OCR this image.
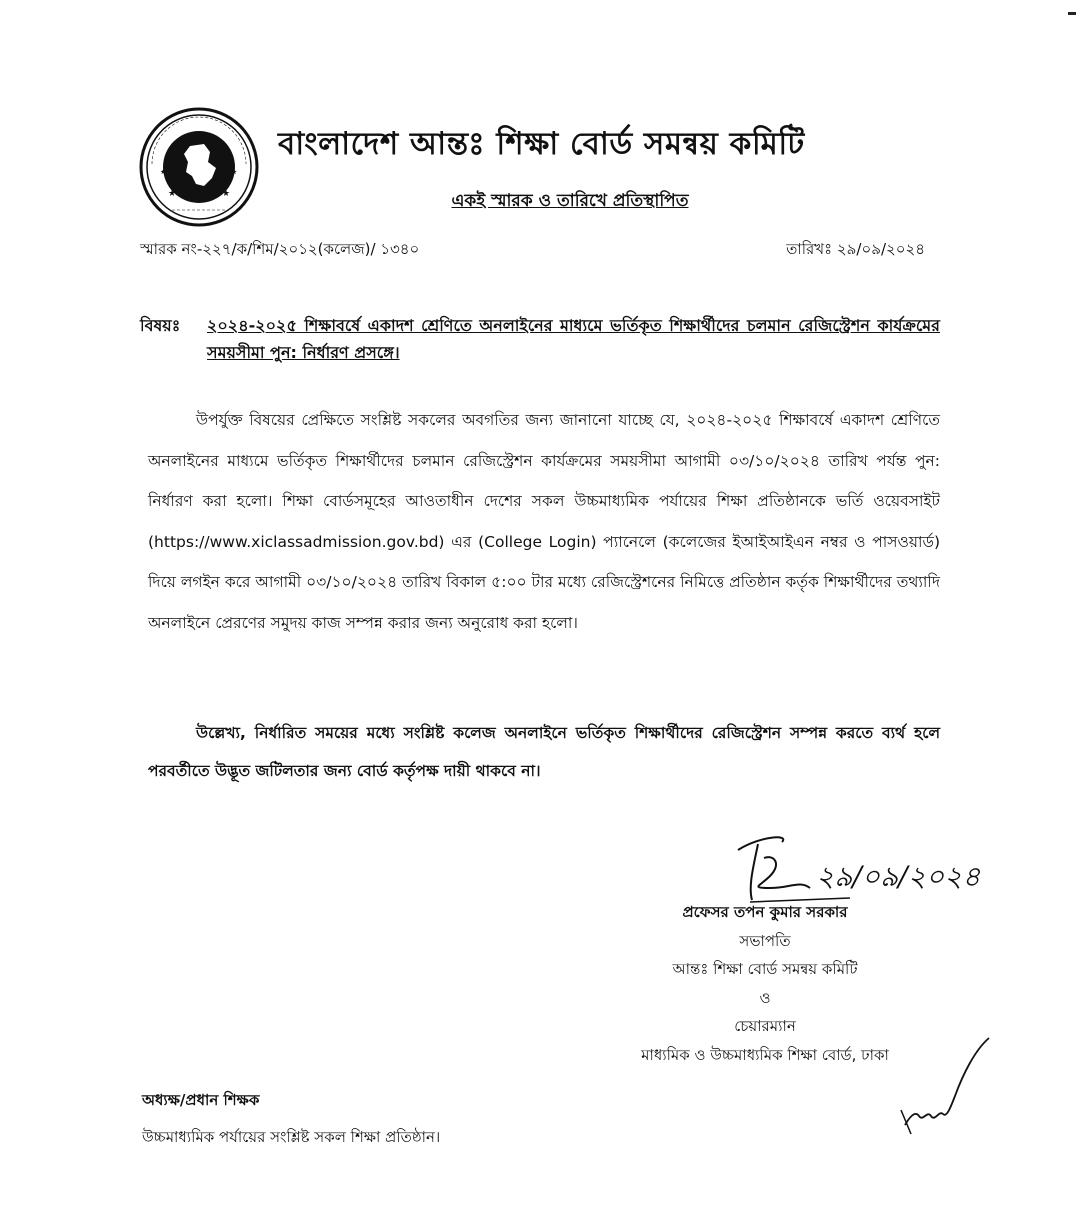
★	★
★	★
বাংলাদেশ আন্তঃ শিক্ষা বোর্ড সমন্বয় কমিটি
একই স্মারক ও তারিখে প্রতিস্থাপিত
স্মারক নং-২২৭/ক/শিম/২০১২(কলেজ)/ ১৩৪০	তারিখঃ ২৯/০৯/২০২৪
বিষয়ঃ ২০২৪-২০২৫ শিক্ষাবর্ষে একাদশ শ্রেণিতে অনলাইনের মাধ্যমে ভর্তিকৃত শিক্ষার্থীদের চলমান রেজিস্ট্রেশন কার্যক্রমের সময়সীমা পুন: নির্ধারণ প্রসঙ্গে।
উপর্যুক্ত বিষয়ের প্রেক্ষিতে সংশ্লিষ্ট সকলের অবগতির জন্য জানানো যাচ্ছে যে, ২০২৪-২০২৫ শিক্ষাবর্ষে একাদশ শ্রেণিতে অনলাইনের মাধ্যমে ভর্তিকৃত শিক্ষার্থীদের চলমান রেজিস্ট্রেশন কার্যক্রমের সময়সীমা আগামী ০৩/১০/২০২৪ তারিখ পর্যন্ত পুন: নির্ধারণ করা হলো। শিক্ষা বোর্ডসমূহের আওতাধীন দেশের সকল উচ্চমাধ্যমিক পর্যায়ের শিক্ষা প্রতিষ্ঠানকে ভর্তি ওয়েবসাইট (https://www.xiclassadmission.gov.bd) এর (College Login) প্যানেলে (কলেজের ইআইআইএন নম্বর ও পাসওয়ার্ড) দিয়ে লগইন করে আগামী ০৩/১০/২০২৪ তারিখ বিকাল ৫:০০ টার মধ্যে রেজিস্ট্রেশনের নিমিত্তে প্রতিষ্ঠান কর্তৃক শিক্ষার্থীদের তথ্যাদি অনলাইনে প্রেরণের সমুদয় কাজ সম্পন্ন করার জন্য অনুরোধ করা হলো।
উল্লেখ্য, নির্ধারিত সময়ের মধ্যে সংশ্লিষ্ট কলেজ অনলাইনে ভর্তিকৃত শিক্ষার্থীদের রেজিস্ট্রেশন সম্পন্ন করতে ব্যর্থ হলে পরবর্তীতে উদ্ভূত জটিলতার জন্য বোর্ড কর্তৃপক্ষ দায়ী থাকবে না।
২৯/০৯/২০২৪
প্রফেসর তপন কুমার সরকার
সভাপতি
আন্তঃ শিক্ষা বোর্ড সমন্বয় কমিটি
ও
চেয়ারম্যান
মাধ্যমিক ও উচ্চমাধ্যমিক শিক্ষা বোর্ড, ঢাকা
অধ্যক্ষ/প্রধান শিক্ষক
উচ্চমাধ্যমিক পর্যায়ের সংশ্লিষ্ট সকল শিক্ষা প্রতিষ্ঠান।
